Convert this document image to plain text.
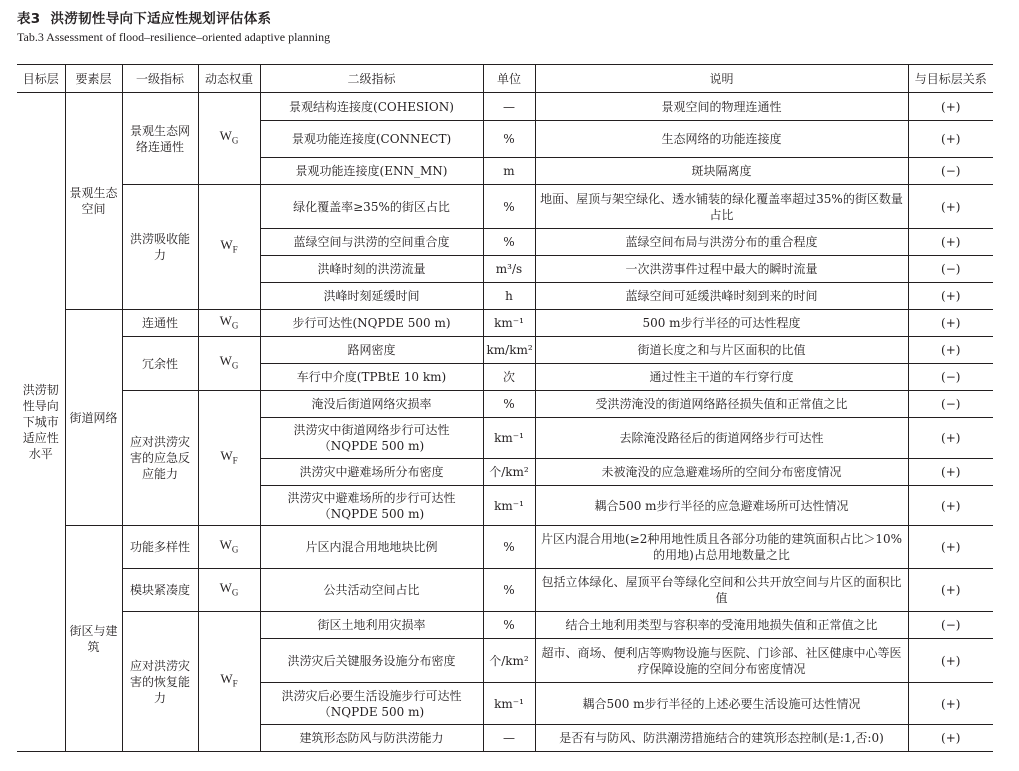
表3 洪涝韧性导向下适应性规划评估体系
Tab.3 Assessment of flood–resilience–oriented adaptive planning
目标层	要素层	一级指标	动态权重	二级指标	单位	说明	与目标层关系
洪涝韧性导向下城市适应性水平	景观生态空间	景观生态网络连通性	$W_G$	景观结构连接度(COHESION)	—	景观空间的物理连通性	(+)
				景观功能连接度(CONNECT)	%	生态网络的功能连接度	(+)
				景观功能连接度(ENN_MN)	m	斑块隔离度	(−)
		洪涝吸收能力	$W_F$	绿化覆盖率≥35%的街区占比	%	地面、屋顶与架空绿化、透水铺装的绿化覆盖率超过35%的街区数量占比	(+)
				蓝绿空间与洪涝的空间重合度	%	蓝绿空间布局与洪涝分布的重合程度	(+)
				洪峰时刻的洪涝流量	m³/s	一次洪涝事件过程中最大的瞬时流量	(−)
				洪峰时刻延缓时间	h	蓝绿空间可延缓洪峰时刻到来的时间	(+)
	街道网络	连通性	$W_G$	步行可达性(NQPDE 500 m)	km⁻¹	500 m步行半径的可达性程度	(+)
		冗余性	$W_G$	路网密度	km/km²	街道长度之和与片区面积的比值	(+)
				车行中介度(TPBtE 10 km)	次	通过性主干道的车行穿行度	(−)
		应对洪涝灾害的应急反应能力	$W_F$	淹没后街道网络灾损率	%	受洪涝淹没的街道网络路径损失值和正常值之比	(−)
				洪涝灾中街道网络步行可达性（NQPDE 500 m)	km⁻¹	去除淹没路径后的街道网络步行可达性	(+)
				洪涝灾中避难场所分布密度	个/km²	未被淹没的应急避难场所的空间分布密度情况	(+)
				洪涝灾中避难场所的步行可达性（NQPDE 500 m)	km⁻¹	耦合500 m步行半径的应急避难场所可达性情况	(+)
	街区与建筑	功能多样性	$W_G$	片区内混合用地地块比例	%	片区内混合用地(≥2种用地性质且各部分功能的建筑面积占比＞10%的用地)占总用地数量之比	(+)
		模块紧凑度	$W_G$	公共活动空间占比	%	包括立体绿化、屋顶平台等绿化空间和公共开放空间与片区的面积比值	(+)
		应对洪涝灾害的恢复能力	$W_F$	街区土地利用灾损率	%	结合土地利用类型与容积率的受淹用地损失值和正常值之比	(−)
				洪涝灾后关键服务设施分布密度	个/km²	超市、商场、便利店等购物设施与医院、门诊部、社区健康中心等医疗保障设施的空间分布密度情况	(+)
				洪涝灾后必要生活设施步行可达性（NQPDE 500 m)	km⁻¹	耦合500 m步行半径的上述必要生活设施可达性情况	(+)
				建筑形态防风与防洪涝能力	—	是否有与防风、防洪潮涝措施结合的建筑形态控制(是:1,否:0)	(+)
